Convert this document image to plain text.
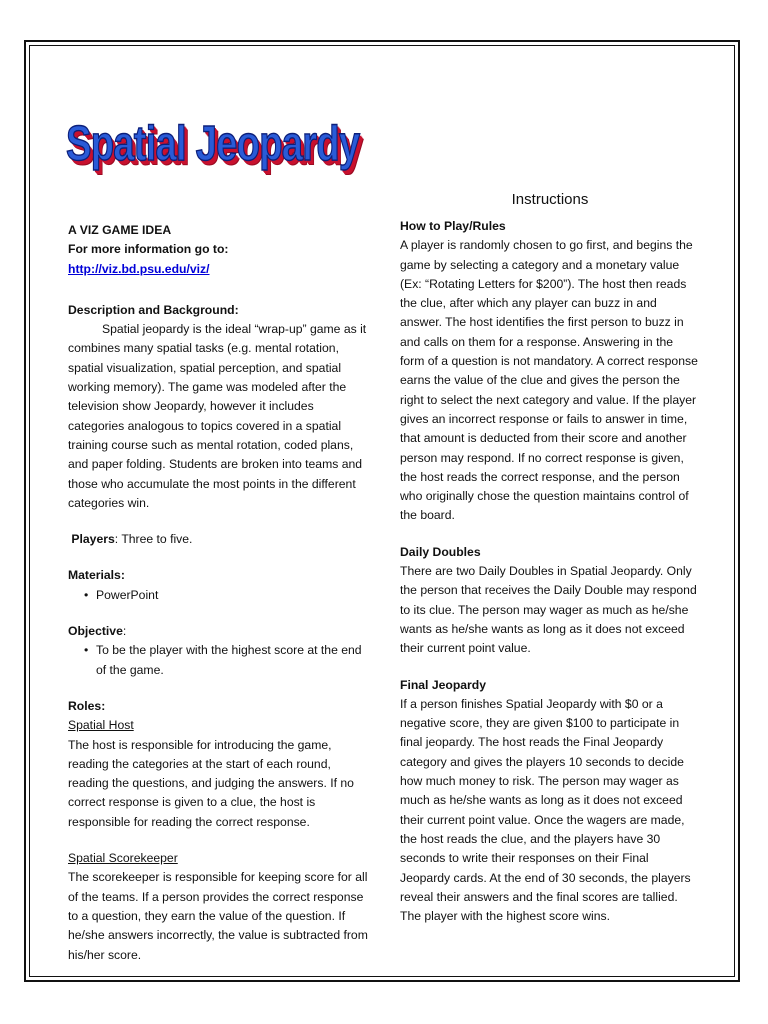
Spatial Jeopardy

A VIZ GAME IDEA

For more information go to: http://viz.bd.psu.edu/viz/

Description and Background:

Spatial jeopardy is the ideal “wrap-up” game as it combines many spatial tasks (e.g. mental rotation, spatial visualization, spatial perception, and spatial working memory). The game was modeled after the television show Jeopardy, however it includes categories analogous to topics covered in a spatial training course such as mental rotation, coded plans, and paper folding. Students are broken into teams and those who accumulate the most points in the different categories win.

Players: Three to five.

Materials:

• PowerPoint

Objective:

• To be the player with the highest score at the end of the game.

Roles:

Spatial Host

The host is responsible for introducing the game, reading the categories at the start of each round, reading the questions, and judging the answers. If no correct response is given to a clue, the host is responsible for reading the correct response.

Spatial Scorekeeper

The scorekeeper is responsible for keeping score for all of the teams. If a person provides the correct response to a question, they earn the value of the question. If he/she answers incorrectly, the value is subtracted from his/her score.

Instructions

How to Play/Rules

A player is randomly chosen to go first, and begins the game by selecting a category and a monetary value (Ex: “Rotating Letters for $200”). The host then reads the clue, after which any player can buzz in and answer. The host identifies the first person to buzz in and calls on them for a response. Answering in the form of a question is not mandatory. A correct response earns the value of the clue and gives the person the right to select the next category and value. If the player gives an incorrect response or fails to answer in time, that amount is deducted from their score and another person may respond. If no correct response is given, the host reads the correct response, and the person who originally chose the question maintains control of the board.

Daily Doubles

There are two Daily Doubles in Spatial Jeopardy. Only the person that receives the Daily Double may respond to its clue. The person may wager as much as he/she wants as he/she wants as long as it does not exceed their current point value.

Final Jeopardy

If a person finishes Spatial Jeopardy with $0 or a negative score, they are given $100 to participate in final jeopardy. The host reads the Final Jeopardy category and gives the players 10 seconds to decide how much money to risk. The person may wager as much as he/she wants as long as it does not exceed their current point value. Once the wagers are made, the host reads the clue, and the players have 30 seconds to write their responses on their Final Jeopardy cards. At the end of 30 seconds, the players reveal their answers and the final scores are tallied. The player with the highest score wins.
